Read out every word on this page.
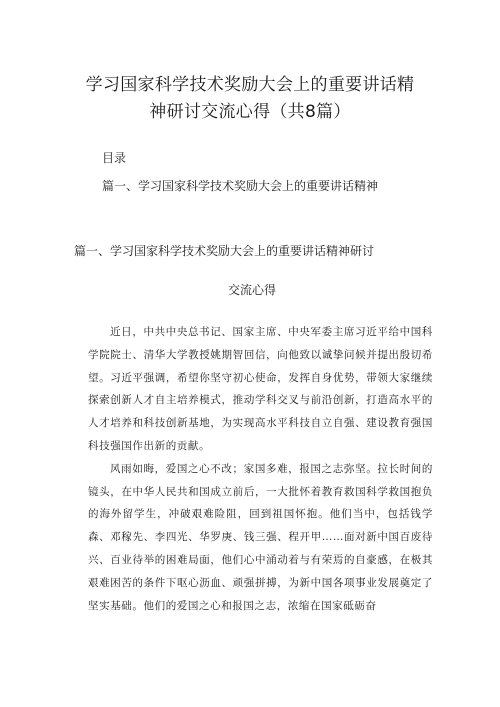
学习国家科学技术奖励大会上的重要讲话精
神研讨交流心得（共8篇）
目录
篇一、学习国家科学技术奖励大会上的重要讲话精神
篇一、学习国家科学技术奖励大会上的重要讲话精神研讨
交流心得

近日，中共中央总书记、国家主席、中央军委主席习近平给中国科学院院士、清华大学教授姚期智回信，向他致以诚挚问候并提出殷切希望。习近平强调，希望你坚守初心使命，发挥自身优势，带领大家继续探索创新人才自主培养模式，推动学科交叉与前沿创新，打造高水平的人才培养和科技创新基地，为实现高水平科技自立自强、建设教育强国科技强国作出新的贡献。

风雨如晦，爱国之心不改；家国多难，报国之志弥坚。拉长时间的镜头，在中华人民共和国成立前后，一大批怀着教育救国科学救国抱负的海外留学生，冲破艰难险阻，回到祖国怀抱。他们当中，包括钱学森、邓稼先、李四光、华罗庚、钱三强、程开甲……面对新中国百废待兴、百业待举的困难局面，他们心中涌动着与有荣焉的自豪感，在极其艰难困苦的条件下呕心沥血、顽强拼搏，为新中国各项事业发展奠定了坚实基础。他们的爱国之心和报国之志，浓缩在国家砥砺奋
